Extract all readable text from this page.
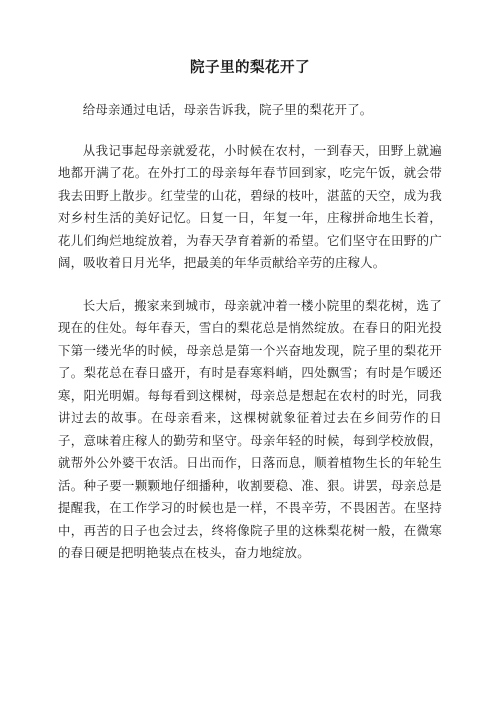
院子里的梨花开了

给母亲通过电话，母亲告诉我，院子里的梨花开了。

从我记事起母亲就爱花，小时候在农村，一到春天，田野上就遍地都开满了花。在外打工的母亲每年春节回到家，吃完午饭，就会带我去田野上散步。红莹莹的山花，碧绿的枝叶，湛蓝的天空，成为我对乡村生活的美好记忆。日复一日，年复一年，庄稼拼命地生长着，花儿们绚烂地绽放着，为春天孕育着新的希望。它们坚守在田野的广阔，吸收着日月光华，把最美的年华贡献给辛劳的庄稼人。

长大后，搬家来到城市，母亲就冲着一楼小院里的梨花树，选了现在的住处。每年春天，雪白的梨花总是悄然绽放。在春日的阳光投下第一缕光华的时候，母亲总是第一个兴奋地发现，院子里的梨花开了。梨花总在春日盛开，有时是春寒料峭，四处飘雪；有时是乍暖还寒，阳光明媚。每每看到这棵树，母亲总是想起在农村的时光，同我讲过去的故事。在母亲看来，这棵树就象征着过去在乡间劳作的日子，意味着庄稼人的勤劳和坚守。母亲年轻的时候，每到学校放假，就帮外公外婆干农活。日出而作，日落而息，顺着植物生长的年轮生活。种子要一颗颗地仔细播种，收割要稳、准、狠。讲罢，母亲总是提醒我，在工作学习的时候也是一样，不畏辛劳，不畏困苦。在坚持中，再苦的日子也会过去，终将像院子里的这株梨花树一般，在微寒的春日硬是把明艳装点在枝头，奋力地绽放。
